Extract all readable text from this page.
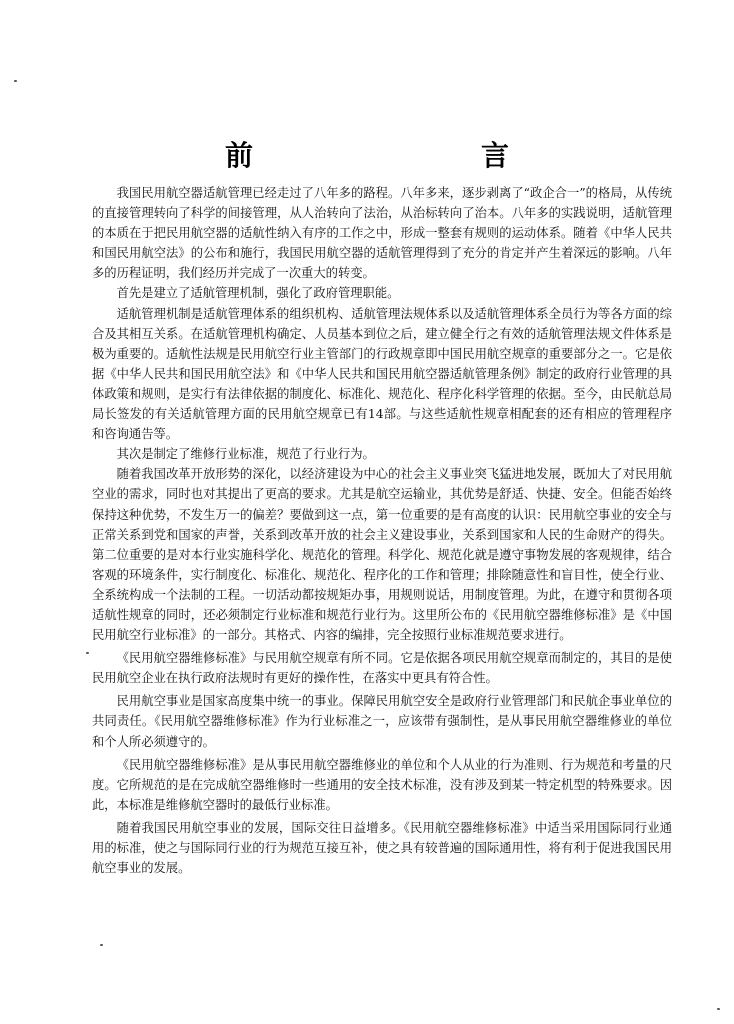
前　言

我国民用航空器适航管理已经走过了八年多的路程。八年多来，逐步剥离了“政企合一”的格局，从传统的直接管理转向了科学的间接管理，从人治转向了法治，从治标转向了治本。八年多的实践说明，适航管理的本质在于把民用航空器的适航性纳入有序的工作之中，形成一整套有规则的运动体系。随着《中华人民共和国民用航空法》的公布和施行，我国民用航空器的适航管理得到了充分的肯定并产生着深远的影响。八年多的历程证明，我们经历并完成了一次重大的转变。

首先是建立了适航管理机制，强化了政府管理职能。

适航管理机制是适航管理体系的组织机构、适航管理法规体系以及适航管理体系全员行为等各方面的综合及其相互关系。在适航管理机构确定、人员基本到位之后，建立健全行之有效的适航管理法规文件体系是极为重要的。适航性法规是民用航空行业主管部门的行政规章即中国民用航空规章的重要部分之一。它是依据《中华人民共和国民用航空法》和《中华人民共和国民用航空器适航管理条例》制定的政府行业管理的具体政策和规则，是实行有法律依据的制度化、标准化、规范化、程序化科学管理的依据。至今，由民航总局局长签发的有关适航管理方面的民用航空规章已有14部。与这些适航性规章相配套的还有相应的管理程序和咨询通告等。

其次是制定了维修行业标准，规范了行业行为。

随着我国改革开放形势的深化，以经济建设为中心的社会主义事业突飞猛进地发展，既加大了对民用航空业的需求，同时也对其提出了更高的要求。尤其是航空运输业，其优势是舒适、快捷、安全。但能否始终保持这种优势，不发生万一的偏差？要做到这一点，第一位重要的是有高度的认识：民用航空事业的安全与正常关系到党和国家的声誉，关系到改革开放的社会主义建设事业，关系到国家和人民的生命财产的得失。第二位重要的是对本行业实施科学化、规范化的管理。科学化、规范化就是遵守事物发展的客观规律，结合客观的环境条件，实行制度化、标准化、规范化、程序化的工作和管理；排除随意性和盲目性，使全行业、全系统构成一个法制的工程。一切活动都按规矩办事，用规则说话，用制度管理。为此，在遵守和贯彻各项适航性规章的同时，还必须制定行业标准和规范行业行为。这里所公布的《民用航空器维修标准》是《中国民用航空行业标准》的一部分。其格式、内容的编排，完全按照行业标准规范要求进行。

《民用航空器维修标准》与民用航空规章有所不同。它是依据各项民用航空规章而制定的，其目的是使民用航空企业在执行政府法规时有更好的操作性，在落实中更具有符合性。

民用航空事业是国家高度集中统一的事业。保障民用航空安全是政府行业管理部门和民航企事业单位的共同责任。《民用航空器维修标准》作为行业标准之一，应该带有强制性，是从事民用航空器维修业的单位和个人所必须遵守的。

《民用航空器维修标准》是从事民用航空器维修业的单位和个人从业的行为准则、行为规范和考量的尺度。它所规范的是在完成航空器维修时一些通用的安全技术标准，没有涉及到某一特定机型的特殊要求。因此，本标准是维修航空器时的最低行业标准。

随着我国民用航空事业的发展，国际交往日益增多。《民用航空器维修标准》中适当采用国际同行业通用的标准，使之与国际同行业的行为规范互接互补，使之具有较普遍的国际通用性，将有利于促进我国民用航空事业的发展。
